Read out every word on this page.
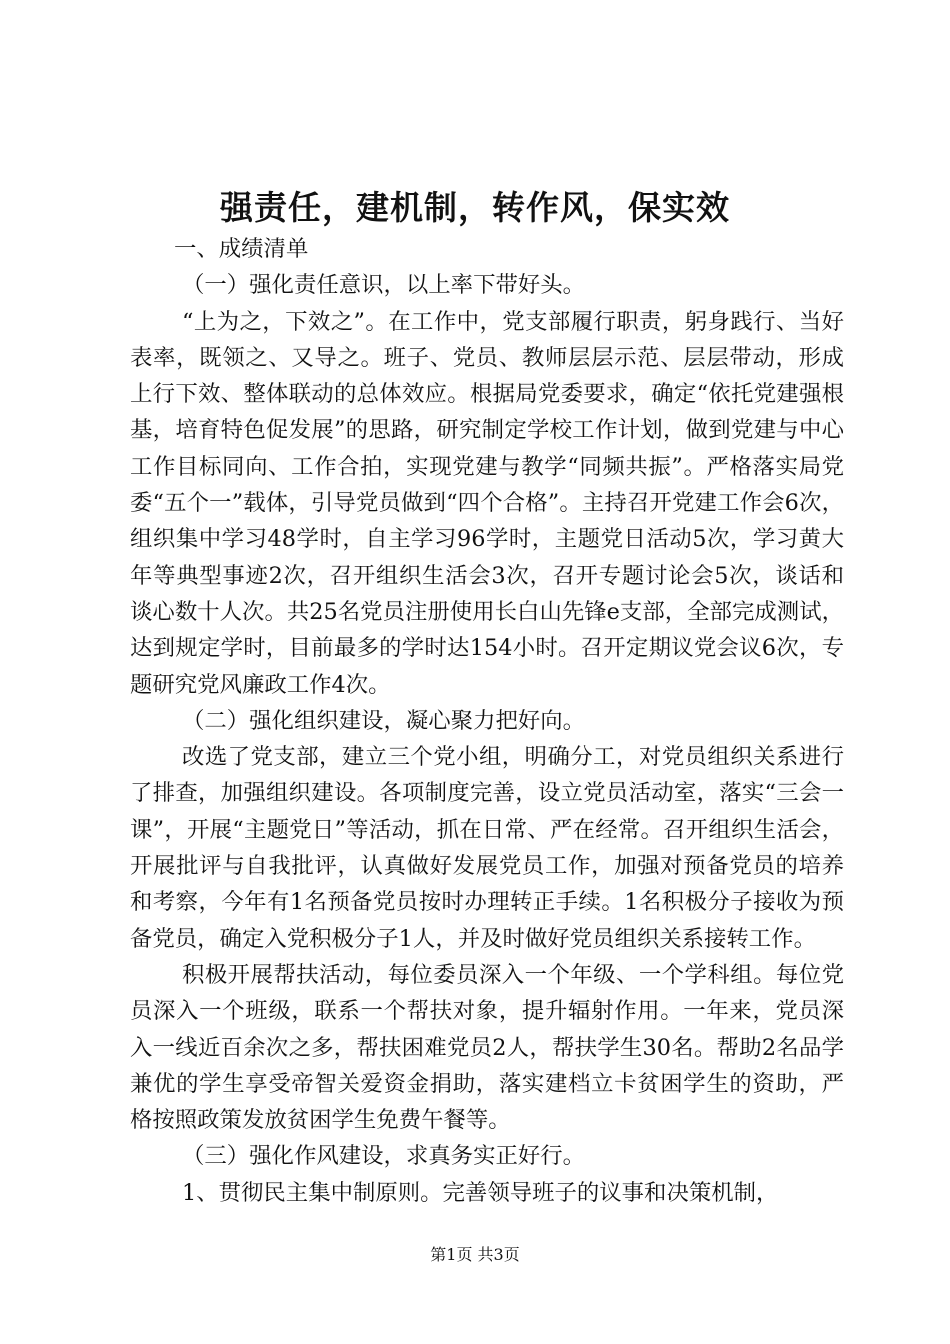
强责任，建机制，转作风，保实效

一、成绩清单

（一）强化责任意识，以上率下带好头。

“上为之，下效之”。在工作中，党支部履行职责，躬身践行、当好表率，既领之、又导之。班子、党员、教师层层示范、层层带动，形成上行下效、整体联动的总体效应。根据局党委要求，确定“依托党建强根基，培育特色促发展”的思路，研究制定学校工作计划，做到党建与中心工作目标同向、工作合拍，实现党建与教学“同频共振”。严格落实局党委“五个一”载体，引导党员做到“四个合格”。主持召开党建工作会6次，组织集中学习48学时，自主学习96学时，主题党日活动5次，学习黄大年等典型事迹2次，召开组织生活会3次，召开专题讨论会5次，谈话和谈心数十人次。共25名党员注册使用长白山先锋e支部，全部完成测试，达到规定学时，目前最多的学时达154小时。召开定期议党会议6次，专题研究党风廉政工作4次。

（二）强化组织建设，凝心聚力把好向。

改选了党支部，建立三个党小组，明确分工，对党员组织关系进行了排查，加强组织建设。各项制度完善，设立党员活动室，落实“三会一课”，开展“主题党日”等活动，抓在日常、严在经常。召开组织生活会，开展批评与自我批评，认真做好发展党员工作，加强对预备党员的培养和考察，今年有1名预备党员按时办理转正手续。1名积极分子接收为预备党员，确定入党积极分子1人，并及时做好党员组织关系接转工作。

积极开展帮扶活动，每位委员深入一个年级、一个学科组。每位党员深入一个班级，联系一个帮扶对象，提升辐射作用。一年来，党员深入一线近百余次之多，帮扶困难党员2人，帮扶学生30名。帮助2名品学兼优的学生享受帝智关爱资金捐助，落实建档立卡贫困学生的资助，严格按照政策发放贫困学生免费午餐等。

（三）强化作风建设，求真务实正好行。

1、贯彻民主集中制原则。完善领导班子的议事和决策机制，

第1页 共3页
